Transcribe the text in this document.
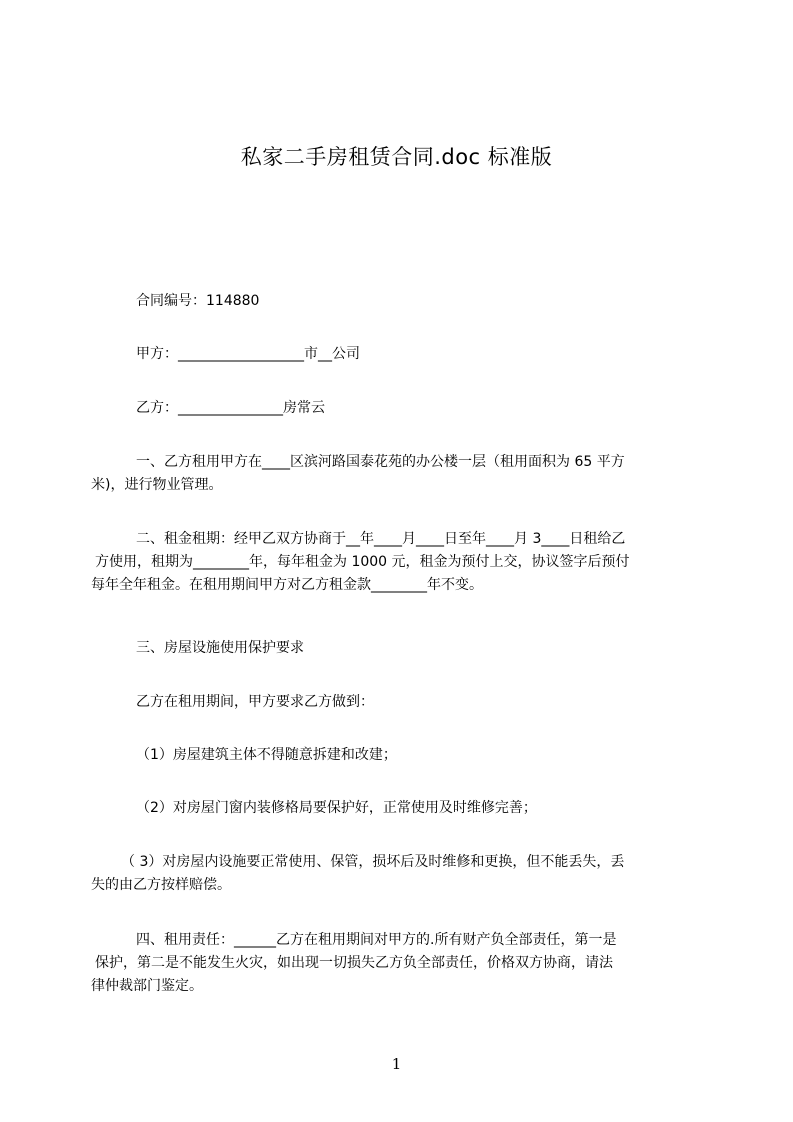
私家二手房租赁合同.doc 标准版
合同编号：114880
甲方：__________________市__公司
乙方：_______________房常云
一、乙方租用甲方在____区滨河路国泰花苑的办公楼一层（租用面积为 65 平方
米)，进行物业管理。
二、租金租期：经甲乙双方协商于__年____月____日至年____月 3____日租给乙
方使用，租期为________年，每年租金为 1000 元，租金为预付上交，协议签字后预付
每年全年租金。在租用期间甲方对乙方租金款________年不变。
三、房屋设施使用保护要求
乙方在租用期间，甲方要求乙方做到：
（1）房屋建筑主体不得随意拆建和改建；
（2）对房屋门窗内装修格局要保护好，正常使用及时维修完善；
（ 3）对房屋内设施要正常使用、保管，损坏后及时维修和更换，但不能丢失，丢
失的由乙方按样赔偿。
四、租用责任：______乙方在租用期间对甲方的.所有财产负全部责任，第一是
保护，第二是不能发生火灾，如出现一切损失乙方负全部责任，价格双方协商，请法
律仲裁部门鉴定。
1
